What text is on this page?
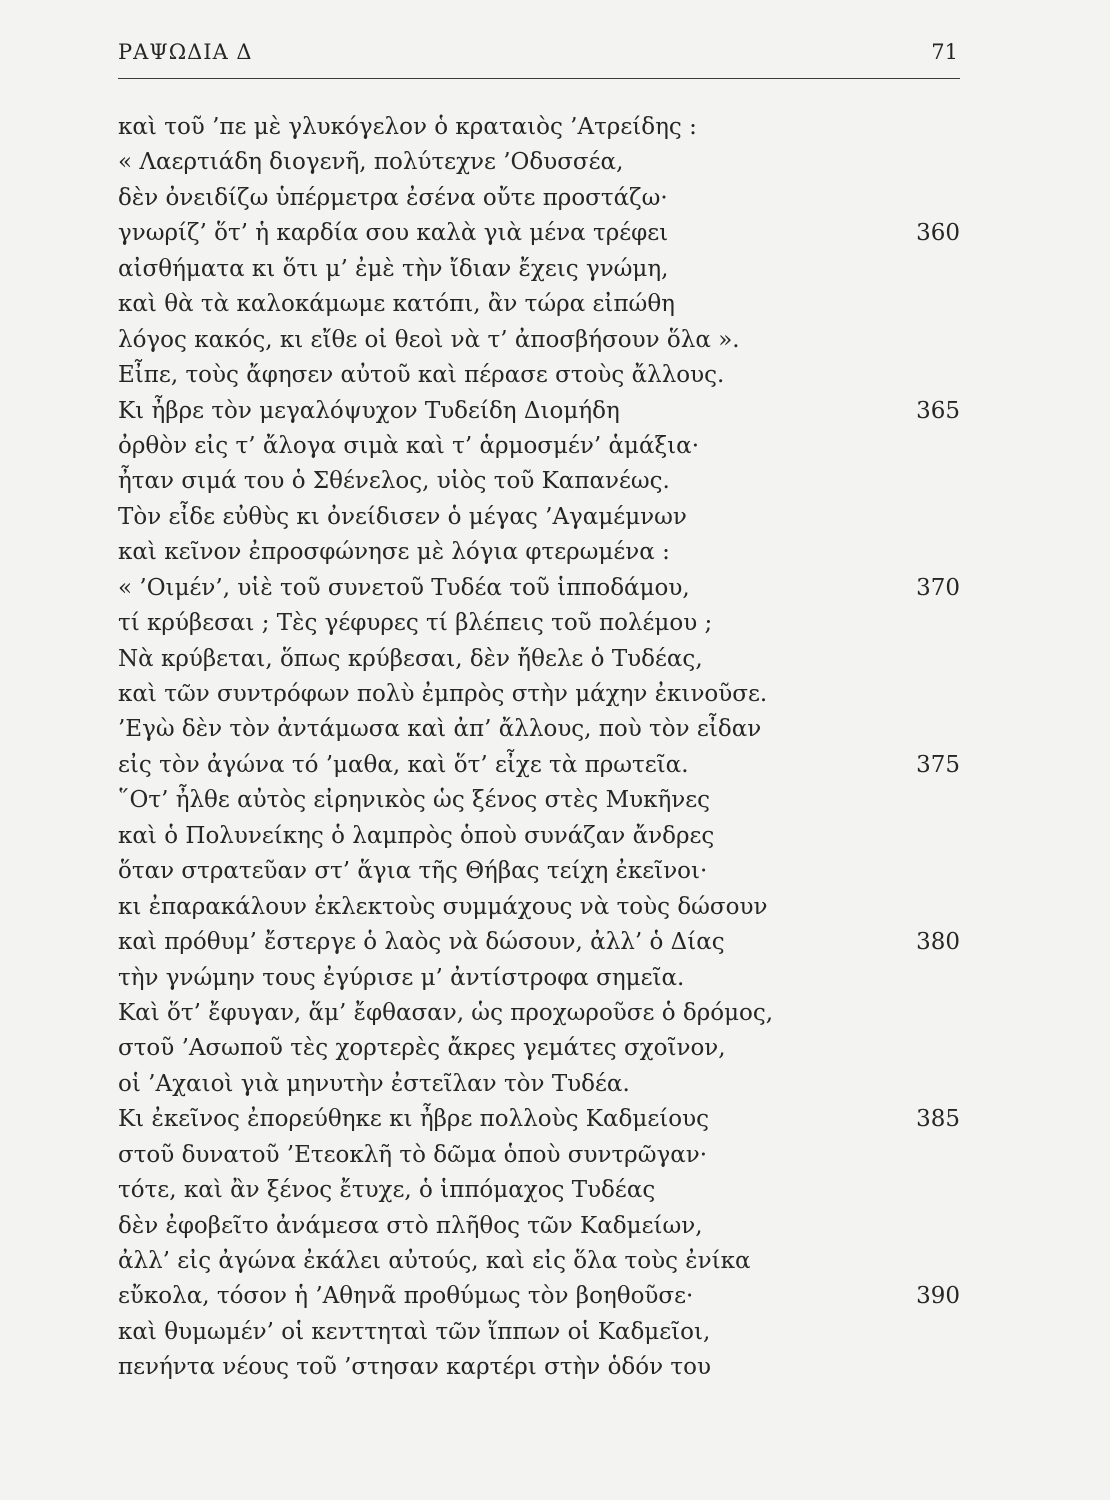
ΡΑΨΩΔΙΑ Δ	71
καὶ τοῦ ’πε μὲ γλυκόγελον ὁ κραταιὸς ’Ατρείδης :
« Λαερτιάδη διογενῆ, πολύτεχνε ’Οδυσσέα,
δὲν ὀνειδίζω ὑπέρμετρα ἐσένα οὔτε προστάζω·
γνωρίζ’ ὅτ’ ἡ καρδία σου καλὰ γιὰ μένα τρέφει	360
αἰσθήματα κι ὅτι μ’ ἐμὲ τὴν ἴδιαν ἔχεις γνώμη,
καὶ θὰ τὰ καλοκάμωμε κατόπι, ἂν τώρα εἰπώθη
λόγος κακός, κι εἴθε οἱ θεοὶ νὰ τ’ ἀποσβήσουν ὅλα ».
Εἶπε, τοὺς ἄφησεν αὐτοῦ καὶ πέρασε στοὺς ἄλλους.
Κι ἦβρε τὸν μεγαλόψυχον Τυδείδη Διομήδη	365
ὀρθὸν εἰς τ’ ἄλογα σιμὰ καὶ τ’ ἁρμοσμέν’ ἁμάξια·
ἦταν σιμά του ὁ Σθένελος, υἱὸς τοῦ Καπανέως.
Τὸν εἶδε εὐθὺς κι ὀνείδισεν ὁ μέγας ’Αγαμέμνων
καὶ κεῖνον ἐπροσφώνησε μὲ λόγια φτερωμένα :
« ’Οιμέν’, υἱὲ τοῦ συνετοῦ Τυδέα τοῦ ἱπποδάμου,	370
τί κρύβεσαι ; Τὲς γέφυρες τί βλέπεις τοῦ πολέμου ;
Νὰ κρύβεται, ὅπως κρύβεσαι, δὲν ἤθελε ὁ Τυδέας,
καὶ τῶν συντρόφων πολὺ ἐμπρὸς στὴν μάχην ἐκινοῦσε.
’Εγὼ δὲν τὸν ἀντάμωσα καὶ ἀπ’ ἄλλους, ποὺ τὸν εἶδαν
εἰς τὸν ἀγώνα τό ’μαθα, καὶ ὅτ’ εἶχε τὰ πρωτεῖα.	375
῞Οτ’ ἦλθε αὐτὸς εἰρηνικὸς ὡς ξένος στὲς Μυκῆνες
καὶ ὁ Πολυνείκης ὁ λαμπρὸς ὁποὺ συνάζαν ἄνδρες
ὅταν στρατεῦαν στ’ ἅγια τῆς Θήβας τείχη ἐκεῖνοι·
κι ἐπαρακάλουν ἐκλεκτοὺς συμμάχους νὰ τοὺς δώσουν
καὶ πρόθυμ’ ἔστεργε ὁ λαὸς νὰ δώσουν, ἀλλ’ ὁ Δίας	380
τὴν γνώμην τους ἐγύρισε μ’ ἀντίστροφα σημεῖα.
Καὶ ὅτ’ ἔφυγαν, ἅμ’ ἔφθασαν, ὡς προχωροῦσε ὁ δρόμος,
στοῦ ’Ασωποῦ τὲς χορτερὲς ἄκρες γεμάτες σχοῖνον,
οἱ ’Αχαιοὶ γιὰ μηνυτὴν ἐστεῖλαν τὸν Τυδέα.
Κι ἐκεῖνος ἐπορεύθηκε κι ἦβρε πολλοὺς Καδμείους	385
στοῦ δυνατοῦ ’Ετεοκλῆ τὸ δῶμα ὁποὺ συντρῶγαν·
τότε, καὶ ἂν ξένος ἔτυχε, ὁ ἱππόμαχος Τυδέας
δὲν ἐφοβεῖτο ἀνάμεσα στὸ πλῆθος τῶν Καδμείων,
ἀλλ’ εἰς ἀγώνα ἐκάλει αὐτούς, καὶ εἰς ὅλα τοὺς ἐνίκα
εὔκολα, τόσον ἡ ’Αθηνᾶ προθύμως τὸν βοηθοῦσε·	390
καὶ θυμωμέν’ οἱ κενττηταὶ τῶν ἵππων οἱ Καδμεῖοι,
πενήντα νέους τοῦ ’στησαν καρτέρι στὴν ὁδόν του
